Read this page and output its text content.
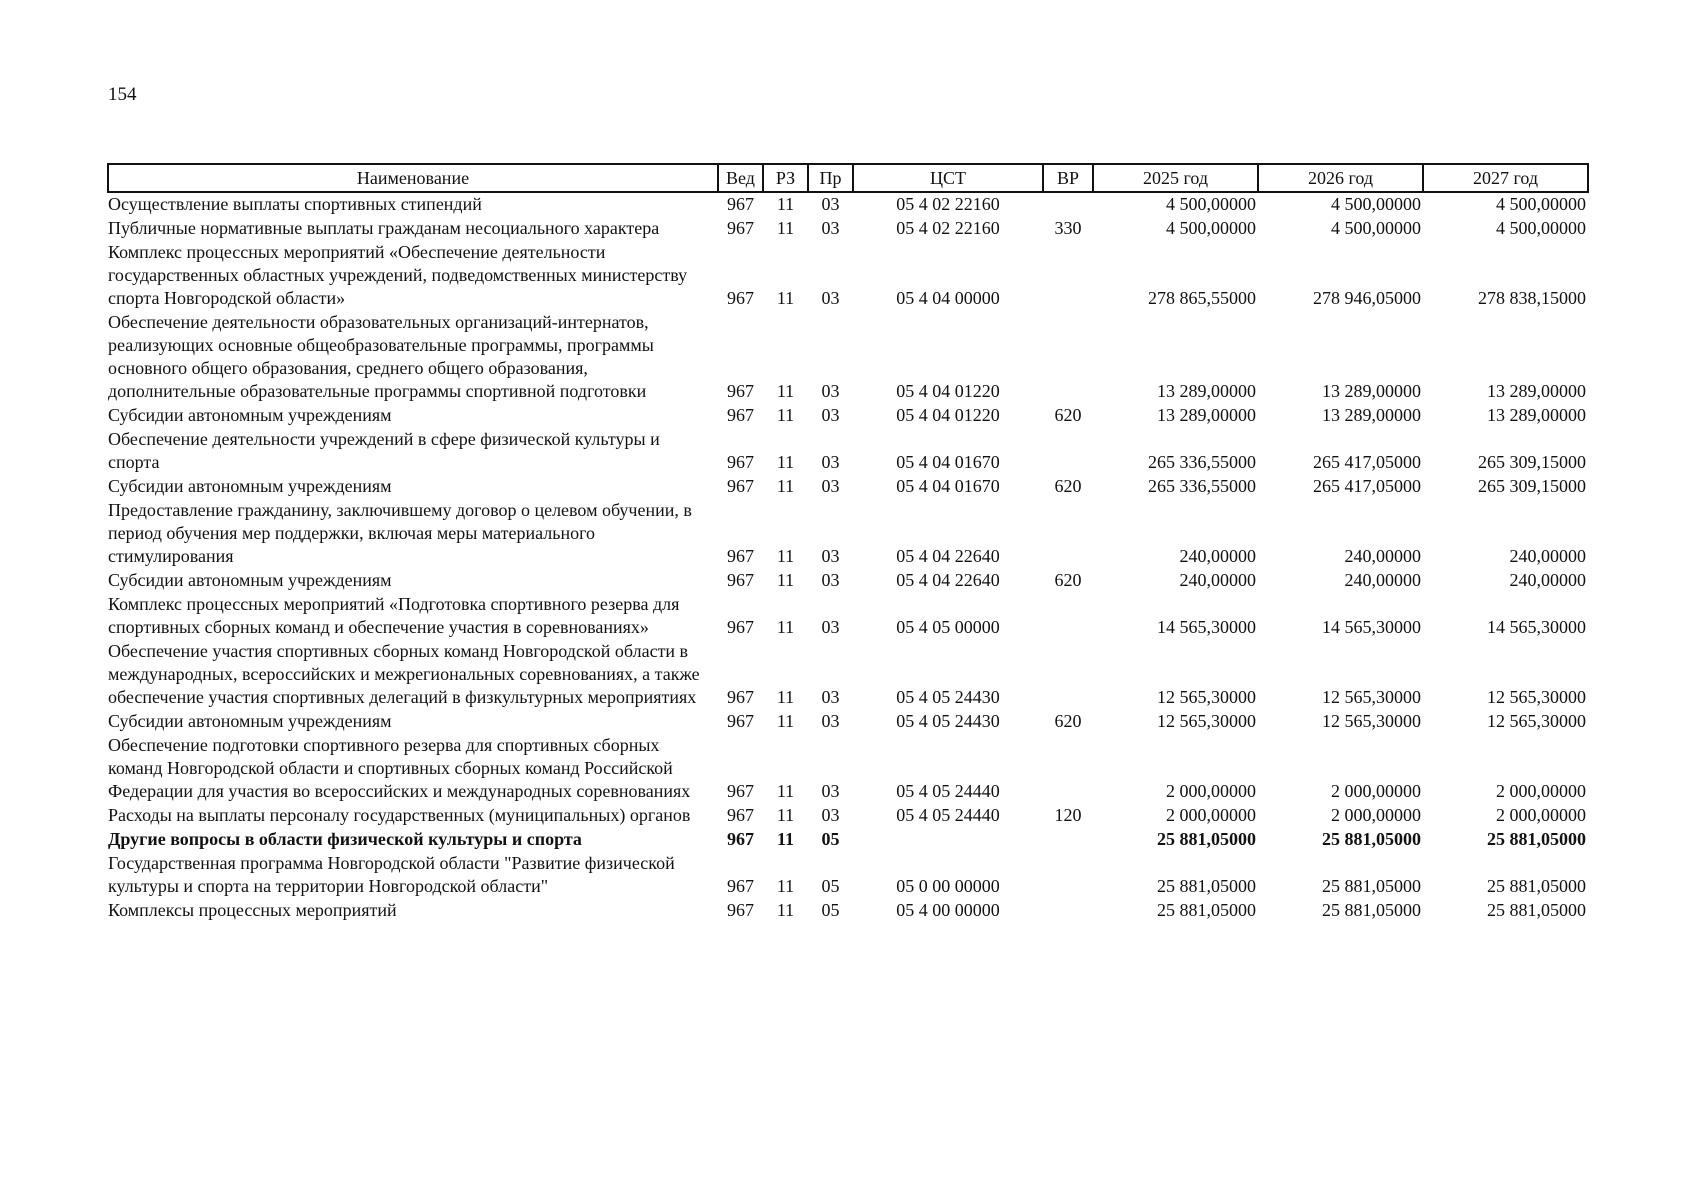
154
Наименование	Вед	РЗ	Пр	ЦСТ	ВР	2025 год	2026 год	2027 год
Осуществление выплаты спортивных стипендий	967	11	03	05 4 02 22160		4 500,00000	4 500,00000	4 500,00000
Публичные нормативные выплаты гражданам несоциального характера	967	11	03	05 4 02 22160	330	4 500,00000	4 500,00000	4 500,00000
Комплекс процессных мероприятий «Обеспечение деятельности государственных областных учреждений, подведомственных министерству спорта Новгородской области»	967	11	03	05 4 04 00000		278 865,55000	278 946,05000	278 838,15000
Обеспечение деятельности образовательных организаций-интернатов, реализующих основные общеобразовательные программы, программы основного общего образования, среднего общего образования, дополнительные образовательные программы спортивной подготовки	967	11	03	05 4 04 01220		13 289,00000	13 289,00000	13 289,00000
Субсидии автономным учреждениям	967	11	03	05 4 04 01220	620	13 289,00000	13 289,00000	13 289,00000
Обеспечение деятельности учреждений в сфере физической культуры и спорта	967	11	03	05 4 04 01670		265 336,55000	265 417,05000	265 309,15000
Субсидии автономным учреждениям	967	11	03	05 4 04 01670	620	265 336,55000	265 417,05000	265 309,15000
Предоставление гражданину, заключившему договор о целевом обучении, в период обучения мер поддержки, включая меры материального стимулирования	967	11	03	05 4 04 22640		240,00000	240,00000	240,00000
Субсидии автономным учреждениям	967	11	03	05 4 04 22640	620	240,00000	240,00000	240,00000
Комплекс процессных мероприятий «Подготовка спортивного резерва для спортивных сборных команд и обеспечение участия в соревнованиях»	967	11	03	05 4 05 00000		14 565,30000	14 565,30000	14 565,30000
Обеспечение участия спортивных сборных команд Новгородской области в международных, всероссийских и межрегиональных соревнованиях, а также обеспечение участия спортивных делегаций в физкультурных мероприятиях	967	11	03	05 4 05 24430		12 565,30000	12 565,30000	12 565,30000
Субсидии автономным учреждениям	967	11	03	05 4 05 24430	620	12 565,30000	12 565,30000	12 565,30000
Обеспечение подготовки спортивного резерва для спортивных сборных команд Новгородской области и спортивных сборных команд Российской Федерации для участия во всероссийских и международных соревнованиях	967	11	03	05 4 05 24440		2 000,00000	2 000,00000	2 000,00000
Расходы на выплаты персоналу государственных (муниципальных) органов	967	11	03	05 4 05 24440	120	2 000,00000	2 000,00000	2 000,00000
Другие вопросы в области физической культуры и спорта	967	11	05			25 881,05000	25 881,05000	25 881,05000
Государственная программа Новгородской области "Развитие физической культуры и спорта на территории Новгородской области"	967	11	05	05 0 00 00000		25 881,05000	25 881,05000	25 881,05000
Комплексы процессных мероприятий	967	11	05	05 4 00 00000		25 881,05000	25 881,05000	25 881,05000
